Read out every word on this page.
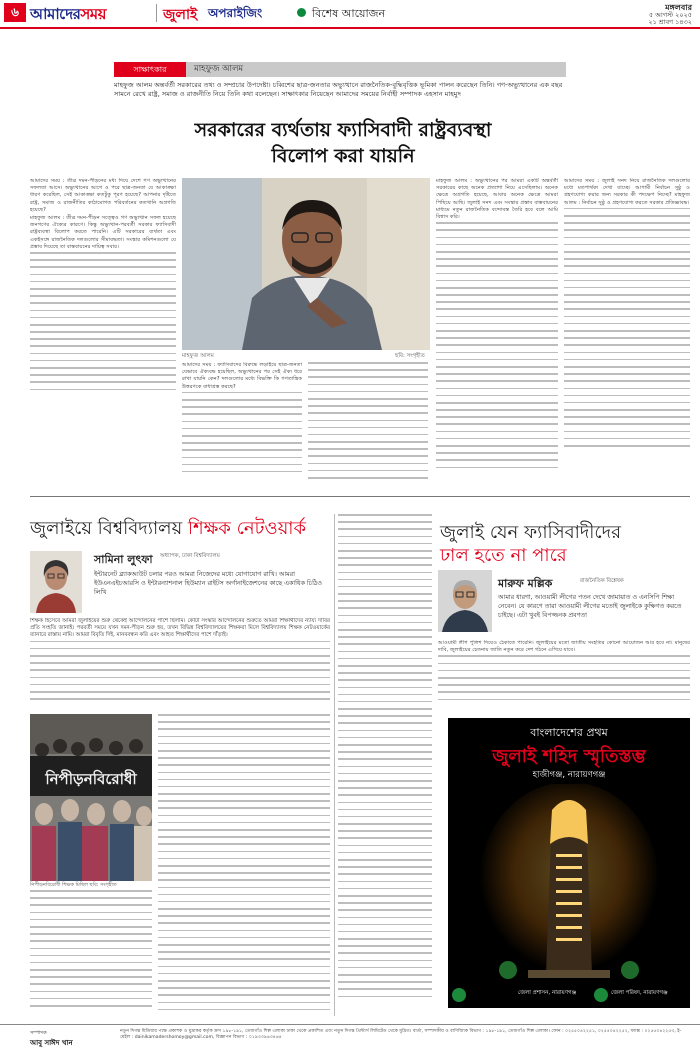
৬ আমাদেরসময়	জুলাই অপরাইজিং	বিশেষ আয়োজন	মঙ্গলবার
৫ আগস্ট ২০২৫
২১ শ্রাবণ ১৪৩২
সাক্ষাৎকার	মাহফুজ আলম
মাহফুজ আলম অন্তর্বর্তী সরকারের তথ্য ও সম্প্রচার উপদেষ্টা। চব্বিশের ছাত্র-জনতার অভ্যুত্থানে রাজনৈতিক-বুদ্ধিবৃত্তিক ভূমিকা পালন করেছেন তিনি। গণ-অভ্যুত্থানের এক বছর সামনে রেখে রাষ্ট্র, সমাজ ও রাজনীতি নিয়ে তিনি কথা বলেছেন। সাক্ষাৎকার নিয়েছেন আমাদের সময়ের নির্বাহী সম্পাদক এহসান মাহমুদ
সরকারের ব্যর্থতায় ফ্যাসিবাদী রাষ্ট্রব্যবস্থা
বিলোপ করা যায়নি

আমাদের সময় : তীব্র দমন-পীড়নের মধ্য দিয়ে দেশে গণ অভ্যুত্থানের সফলতা আসে। অভ্যুত্থানের আগে ও পরে ছাত্র-জনতা যে আকাঙ্ক্ষা ধারণ করেছিল, সেই আকাঙ্ক্ষা কতটুকু পূরণ হয়েছে? আপনার দৃষ্টিতে রাষ্ট্র, সমাজ ও রাজনীতির কাঠামোগত পরিবর্তনের কতখানি অগ্রগতি হয়েছে?

মাহফুজ আলম : তীব্র দমন-পীড়ন সত্ত্বেও গণ অভ্যুত্থান সফল হয়েছে জনগণের ঐক্যের কারণে। কিন্তু অভ্যুত্থান-পরবর্তী সরকার ফ্যাসিবাদী রাষ্ট্রব্যবস্থা বিলোপ করতে পারেনি। এটি সরকারের ব্যর্থতা এবং একইসঙ্গে রাজনৈতিক দলগুলোর সীমাবদ্ধতা। সংস্কার কমিশনগুলো যে প্রস্তাব দিয়েছে তা বাস্তবায়নের দায়িত্ব সবার।

মাহফুজ আলম	ছবি: সংগৃহীত

আমাদের সময় : ফ্যাসিবাদের বিরুদ্ধে লড়াইয়ে ছাত্র-জনতা যেভাবে ঐক্যবদ্ধ হয়েছিল, অভ্যুত্থানের পর সেই ঐক্য ধরে রাখা যায়নি কেন? দলগুলোর মধ্যে বিভক্তি কি গণতান্ত্রিক উত্তরণকে বাধাগ্রস্ত করছে?

মাহফুজ আলম : অভ্যুত্থানের পর আমরা একটি অন্তর্বর্তী সরকারের কাছে অনেক প্রত্যাশা নিয়ে এসেছিলাম। অনেক ক্ষেত্রে অগ্রগতি হয়েছে, আবার অনেক ক্ষেত্রে আমরা পিছিয়ে আছি। জুলাই সনদ এবং সংস্কার প্রস্তাব বাস্তবায়নের মাধ্যমে নতুন রাজনৈতিক বন্দোবস্ত তৈরি হবে বলে আমি বিশ্বাস করি।

আমাদের সময় : জুলাই সনদ নিয়ে রাজনৈতিক দলগুলোর মধ্যে মতপার্থক্য দেখা যাচ্ছে। আগামী নির্বাচন সুষ্ঠু ও গ্রহণযোগ্য করার জন্য সরকার কী পদক্ষেপ নিচ্ছে? মাহফুজ আলম : নির্বাচন সুষ্ঠু ও গ্রহণযোগ্য করতে সরকার প্রতিজ্ঞাবদ্ধ।

জুলাইয়ে বিশ্ববিদ্যালয় শিক্ষক নেটওয়ার্ক
সামিনা লুৎফা অধ্যাপক, ঢাকা বিশ্ববিদ্যালয়
ইন্টারনেট ব্ল্যাকআউট চলার পরও আমরা নিজেদের মধ্যে যোগাযোগ রাখি। আমরা ইউএনএইচআরসি ও ইন্টারন্যাশনাল হিউম্যান রাইটস অর্গানাইজেশনের কাছে একাধিক চিঠিও লিখি

শিক্ষক হিসেবে আমরা জুলাইয়ের শুরু থেকেই আন্দোলনের পাশে ছিলাম। কোটা সংস্কার আন্দোলনের শুরুতে আমরা শিক্ষার্থীদের ন্যায্য দাবির প্রতি সংহতি জানাই। পরবর্তী সময়ে যখন দমন-পীড়ন শুরু হয়, তখন বিভিন্ন বিশ্ববিদ্যালয়ের শিক্ষকরা মিলে বিশ্ববিদ্যালয় শিক্ষক নেটওয়ার্কের ব্যানারে রাস্তায় নামি। আমরা বিবৃতি দিই, মানববন্ধন করি এবং আহত শিক্ষার্থীদের পাশে দাঁড়াই।

নিপীড়নবিরোধী
নিপীড়নবিরোধী শিক্ষক মিছিল ছবি: সংগৃহীত
জুলাই যেন ফ্যাসিবাদীদের
ঢাল হতে না পারে
মারুফ মল্লিক	রাজনৈতিক বিশ্লেষক
আমার ধারণা, আওয়ামী লীগের পতন দেখে জামায়াত ও এনসিপি শিক্ষা নেবেন। যে কারণে তারা আওয়ামী লীগের মতোই জুলাইকে কুক্ষিগত করতে চাইছে। এটা খুবই বিপজ্জনক প্রবণতা

আওয়ামী লীগ পুলিশ দিয়েও ঠেকাতে পারেনি। জুলাইয়ের মতো জাতীয় সংহতির কোনো আয়োজন আর হবে না। মানুষের দাবি, জুলাইয়ের চেতনায় জাতি নতুন করে দেশ গঠনে এগিয়ে যাবে।

বাংলাদেশের প্রথম
জুলাই শহিদ স্মৃতিস্তম্ভ
হাজীগঞ্জ, নারায়ণগঞ্জ
জেলা প্রশাসন, নারায়ণগঞ্জ	জেলা পরিষদ, নারায়ণগঞ্জ
সম্পাদক
আবু সাঈদ খান
নতুন দিগন্ত মিডিয়ার পক্ষে প্রকাশক ও মুদ্রাকর কর্তৃক ক্রস ১৯৮-১৯১, তেজগাঁও শিল্প এলাকা ঢাকা থেকে প্রকাশিত এবং নতুন দিগন্ত প্রিন্টার্স লিমিটেড থেকে মুদ্রিত। বার্তা, সম্পাদকীয় ও বাণিজ্যিক বিভাগ : ১৯৮-১৯১, তেজগাঁও শিল্প এলাকা। ফোন : ০২৫৫০৪২২৫১, ০২৫৫০৪২২৫২, ফ্যাক্স : ০২৫৫০৪২২৫৩, ই-মেইল : dainikamadershomoy@gmail.com, বিজ্ঞাপন বিভাগ : ০১৯৩৩৯৬৩৪৬৪
